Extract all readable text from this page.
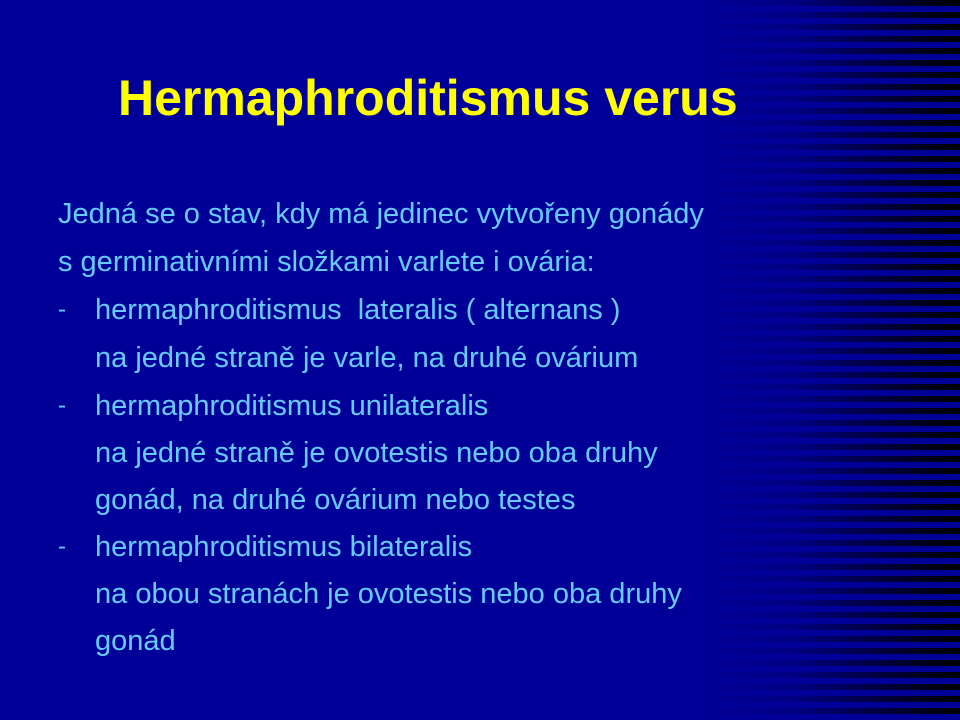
Hermaphroditismus verus
Jedná se o stav, kdy má jedinec vytvořeny gonády
s germinativními složkami varlete i ovária:
-	hermaphroditismus  lateralis ( alternans )
na jedné straně je varle, na druhé ovárium
-	hermaphroditismus unilateralis
na jedné straně je ovotestis nebo oba druhy
gonád, na druhé ovárium nebo testes
-	hermaphroditismus bilateralis
na obou stranách je ovotestis nebo oba druhy
gonád
